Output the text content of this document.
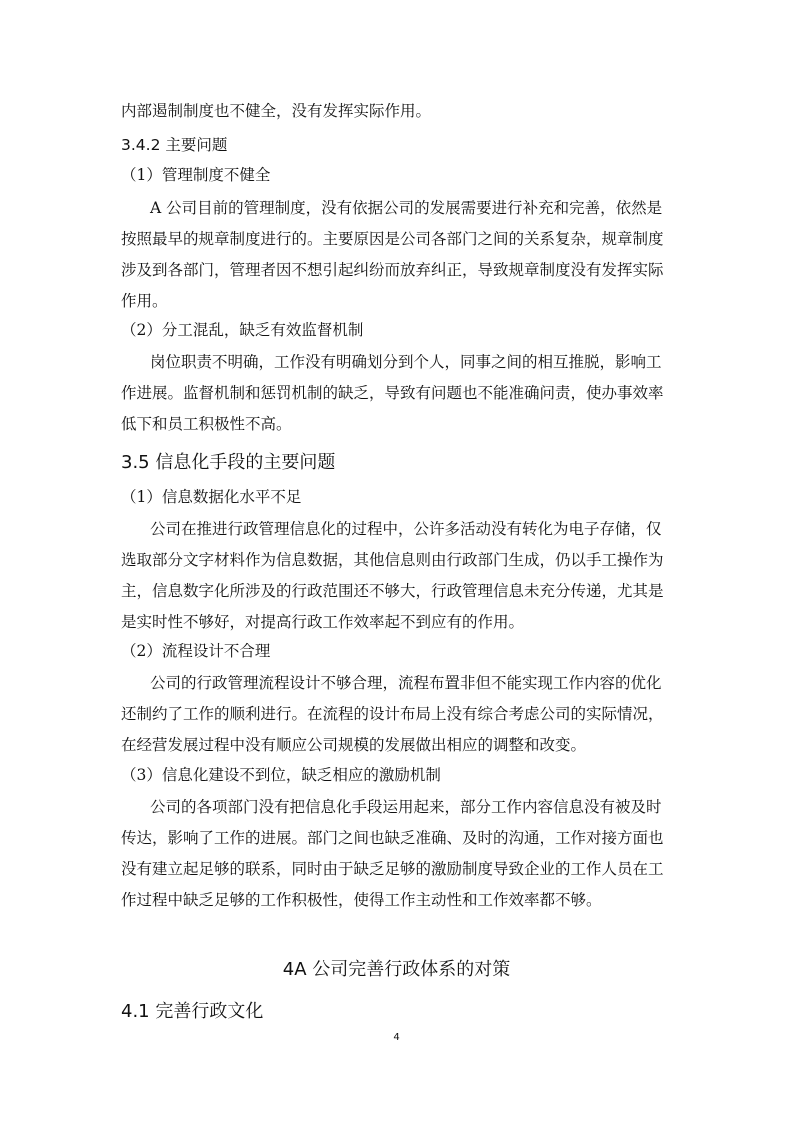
内部遏制制度也不健全，没有发挥实际作用。
3.4.2 主要问题
（1）管理制度不健全
A 公司目前的管理制度，没有依据公司的发展需要进行补充和完善，依然是
按照最早的规章制度进行的。主要原因是公司各部门之间的关系复杂，规章制度
涉及到各部门，管理者因不想引起纠纷而放弃纠正，导致规章制度没有发挥实际
作用。
（2）分工混乱，缺乏有效监督机制
岗位职责不明确，工作没有明确划分到个人，同事之间的相互推脱，影响工
作进展。监督机制和惩罚机制的缺乏，导致有问题也不能准确问责，使办事效率
低下和员工积极性不高。
3.5 信息化手段的主要问题
（1）信息数据化水平不足
公司在推进行政管理信息化的过程中，公许多活动没有转化为电子存储，仅
选取部分文字材料作为信息数据，其他信息则由行政部门生成，仍以手工操作为
主，信息数字化所涉及的行政范围还不够大，行政管理信息未充分传递，尤其是
是实时性不够好，对提高行政工作效率起不到应有的作用。
（2）流程设计不合理
公司的行政管理流程设计不够合理，流程布置非但不能实现工作内容的优化
还制约了工作的顺利进行。在流程的设计布局上没有综合考虑公司的实际情况，
在经营发展过程中没有顺应公司规模的发展做出相应的调整和改变。
（3）信息化建设不到位，缺乏相应的激励机制
公司的各项部门没有把信息化手段运用起来，部分工作内容信息没有被及时
传达，影响了工作的进展。部门之间也缺乏准确、及时的沟通，工作对接方面也
没有建立起足够的联系，同时由于缺乏足够的激励制度导致企业的工作人员在工
作过程中缺乏足够的工作积极性，使得工作主动性和工作效率都不够。
4A 公司完善行政体系的对策
4.1 完善行政文化
4
